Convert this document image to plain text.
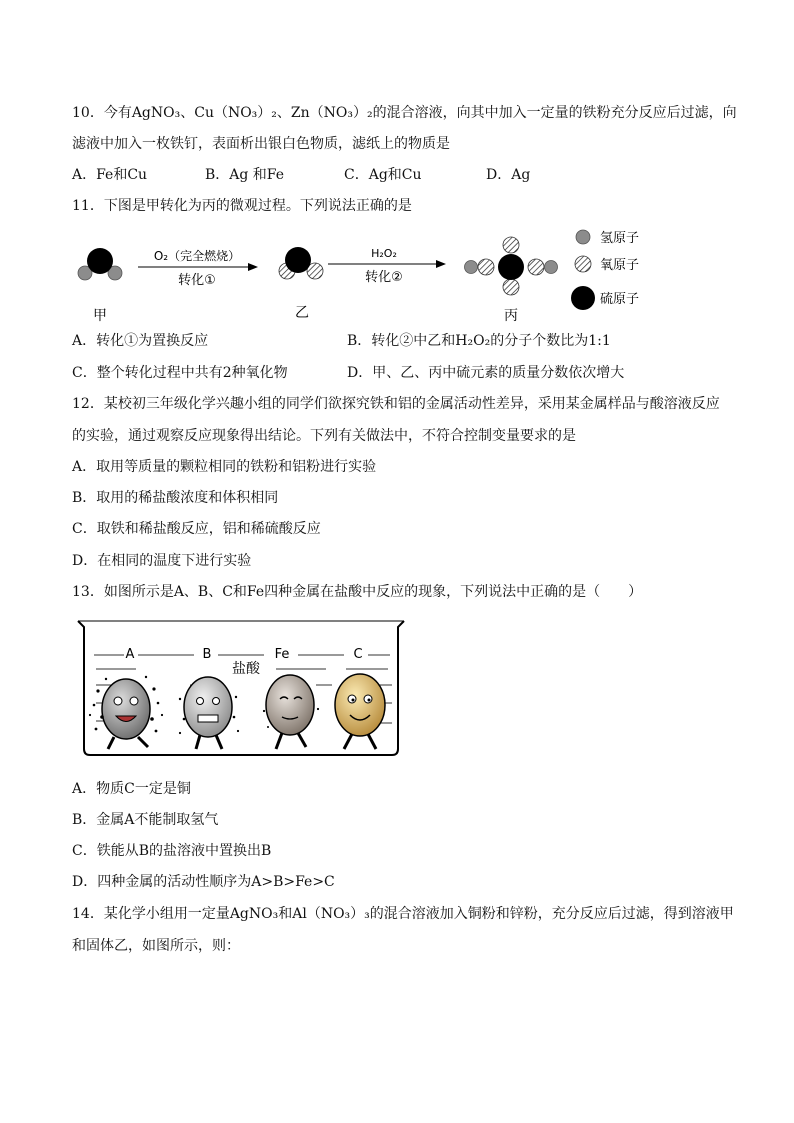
10．今有AgNO₃、Cu（NO₃）₂、Zn（NO₃）₂的混合溶液，向其中加入一定量的铁粉充分反应后过滤，向
滤液中加入一枚铁钉，表面析出银白色物质，滤纸上的物质是
A．Fe和Cu	B．Ag 和Fe	C．Ag和Cu	D．Ag
11．下图是甲转化为丙的微观过程。下列说法正确的是
甲
O₂（完全燃烧）
转化①
乙
H₂O₂
转化②
丙
氢原子
氧原子
硫原子
A．转化①为置换反应	B．转化②中乙和H₂O₂的分子个数比为1:1
C．整个转化过程中共有2种氧化物	D．甲、乙、丙中硫元素的质量分数依次增大
12．某校初三年级化学兴趣小组的同学们欲探究铁和铝的金属活动性差异，采用某金属样品与酸溶液反应
的实验，通过观察反应现象得出结论。下列有关做法中，不符合控制变量要求的是
A．取用等质量的颗粒相同的铁粉和铝粉进行实验
B．取用的稀盐酸浓度和体积相同
C．取铁和稀盐酸反应，铝和稀硫酸反应
D．在相同的温度下进行实验
13．如图所示是A、B、C和Fe四种金属在盐酸中反应的现象，下列说法中正确的是（　　）
A	B	Fe	C
盐酸
A．物质C一定是铜
B．金属A不能制取氢气
C．铁能从B的盐溶液中置换出B
D．四种金属的活动性顺序为A>B>Fe>C
14．某化学小组用一定量AgNO₃和Al（NO₃）₃的混合溶液加入铜粉和锌粉，充分反应后过滤，得到溶液甲
和固体乙，如图所示，则：
